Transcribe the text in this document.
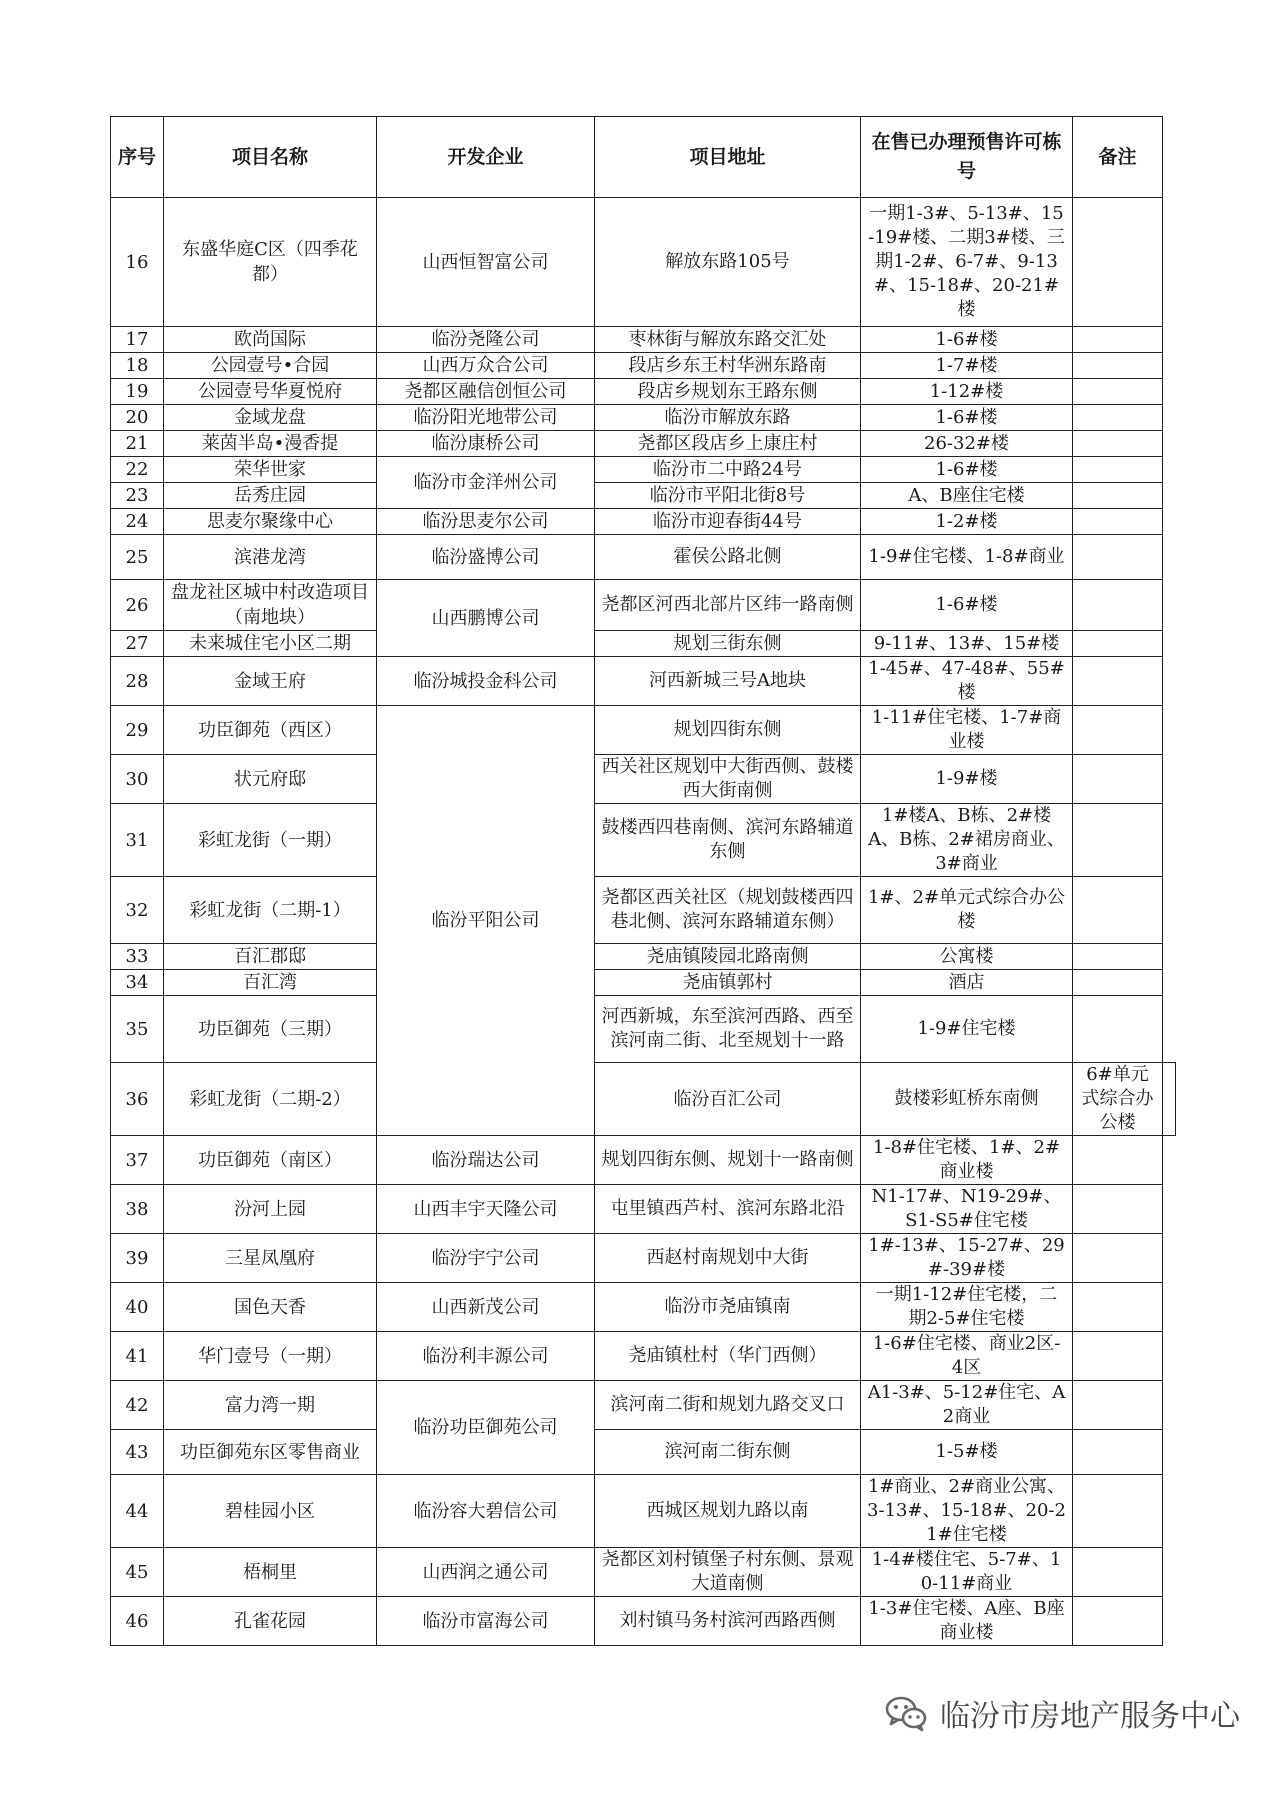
序号	项目名称	开发企业	项目地址	在售已办理预售许可栋号	备注	
16	东盛华庭C区（四季花都）	山西恒智富公司	解放东路105号	一期1-3#、5-13#、15-19#楼、二期3#楼、三期1-2#、6-7#、9-13#、15-18#、20-21#楼		
17	欧尚国际	临汾尧隆公司	枣林街与解放东路交汇处	1-6#楼		
18	公园壹号•合园	山西万众合公司	段店乡东王村华洲东路南	1-7#楼		
19	公园壹号华夏悦府	尧都区融信创恒公司	段店乡规划东王路东侧	1-12#楼		
20	金域龙盘	临汾阳光地带公司	临汾市解放东路	1-6#楼		
21	莱茵半岛•漫香提	临汾康桥公司	尧都区段店乡上康庄村	26-32#楼		
22	荣华世家	临汾市金洋州公司	临汾市二中路24号	1-6#楼		
23	岳秀庄园		临汾市平阳北街8号	A、B座住宅楼		
24	思麦尔聚缘中心	临汾思麦尔公司	临汾市迎春街44号	1-2#楼		
25	滨港龙湾	临汾盛博公司	霍侯公路北侧	1-9#住宅楼、1-8#商业		
26	盘龙社区城中村改造项目（南地块）	山西鹏博公司	尧都区河西北部片区纬一路南侧	1-6#楼		
27	未来城住宅小区二期		规划三街东侧	9-11#、13#、15#楼		
28	金域王府	临汾城投金科公司	河西新城三号A地块	1-45#、47-48#、55#楼		
29	功臣御苑（西区）	临汾平阳公司	规划四街东侧	1-11#住宅楼、1-7#商业楼		
30	状元府邸		西关社区规划中大街西侧、鼓楼西大街南侧	1-9#楼		
31	彩虹龙街（一期）		鼓楼西四巷南侧、滨河东路辅道东侧	1#楼A、B栋、2#楼A、B栋、2#裙房商业、3#商业		
32	彩虹龙街（二期-1）		尧都区西关社区（规划鼓楼西四巷北侧、滨河东路辅道东侧）	1#、2#单元式综合办公楼		
33	百汇郡邸		尧庙镇陵园北路南侧	公寓楼		
34	百汇湾		尧庙镇郭村	酒店		
35	功臣御苑（三期）		河西新城，东至滨河西路、西至滨河南二街、北至规划十一路	1-9#住宅楼		
36	彩虹龙街（二期-2）		临汾百汇公司	鼓楼彩虹桥东南侧	6#单元式综合办公楼	
37	功臣御苑（南区）	临汾瑞达公司	规划四街东侧、规划十一路南侧	1-8#住宅楼、1#、2#商业楼		
38	汾河上园	山西丰宇天隆公司	屯里镇西芦村、滨河东路北沿	N1-17#、N19-29#、S1-S5#住宅楼		
39	三星凤凰府	临汾宇宁公司	西赵村南规划中大街	1#-13#、15-27#、29#-39#楼		
40	国色天香	山西新茂公司	临汾市尧庙镇南	一期1-12#住宅楼，二期2-5#住宅楼		
41	华门壹号（一期）	临汾利丰源公司	尧庙镇杜村（华门西侧）	1-6#住宅楼、商业2区-4区		
42	富力湾一期	临汾功臣御苑公司	滨河南二街和规划九路交叉口	A1-3#、5-12#住宅、A2商业		
43	功臣御苑东区零售商业		滨河南二街东侧	1-5#楼		
44	碧桂园小区	临汾容大碧信公司	西城区规划九路以南	1#商业、2#商业公寓、3-13#、15-18#、20-21#住宅楼		
45	梧桐里	山西润之通公司	尧都区刘村镇堡子村东侧、景观大道南侧	1-4#楼住宅、5-7#、10-11#商业		
46	孔雀花园	临汾市富海公司	刘村镇马务村滨河西路西侧	1-3#住宅楼、A座、B座商业楼		
临汾市房地产服务中心
